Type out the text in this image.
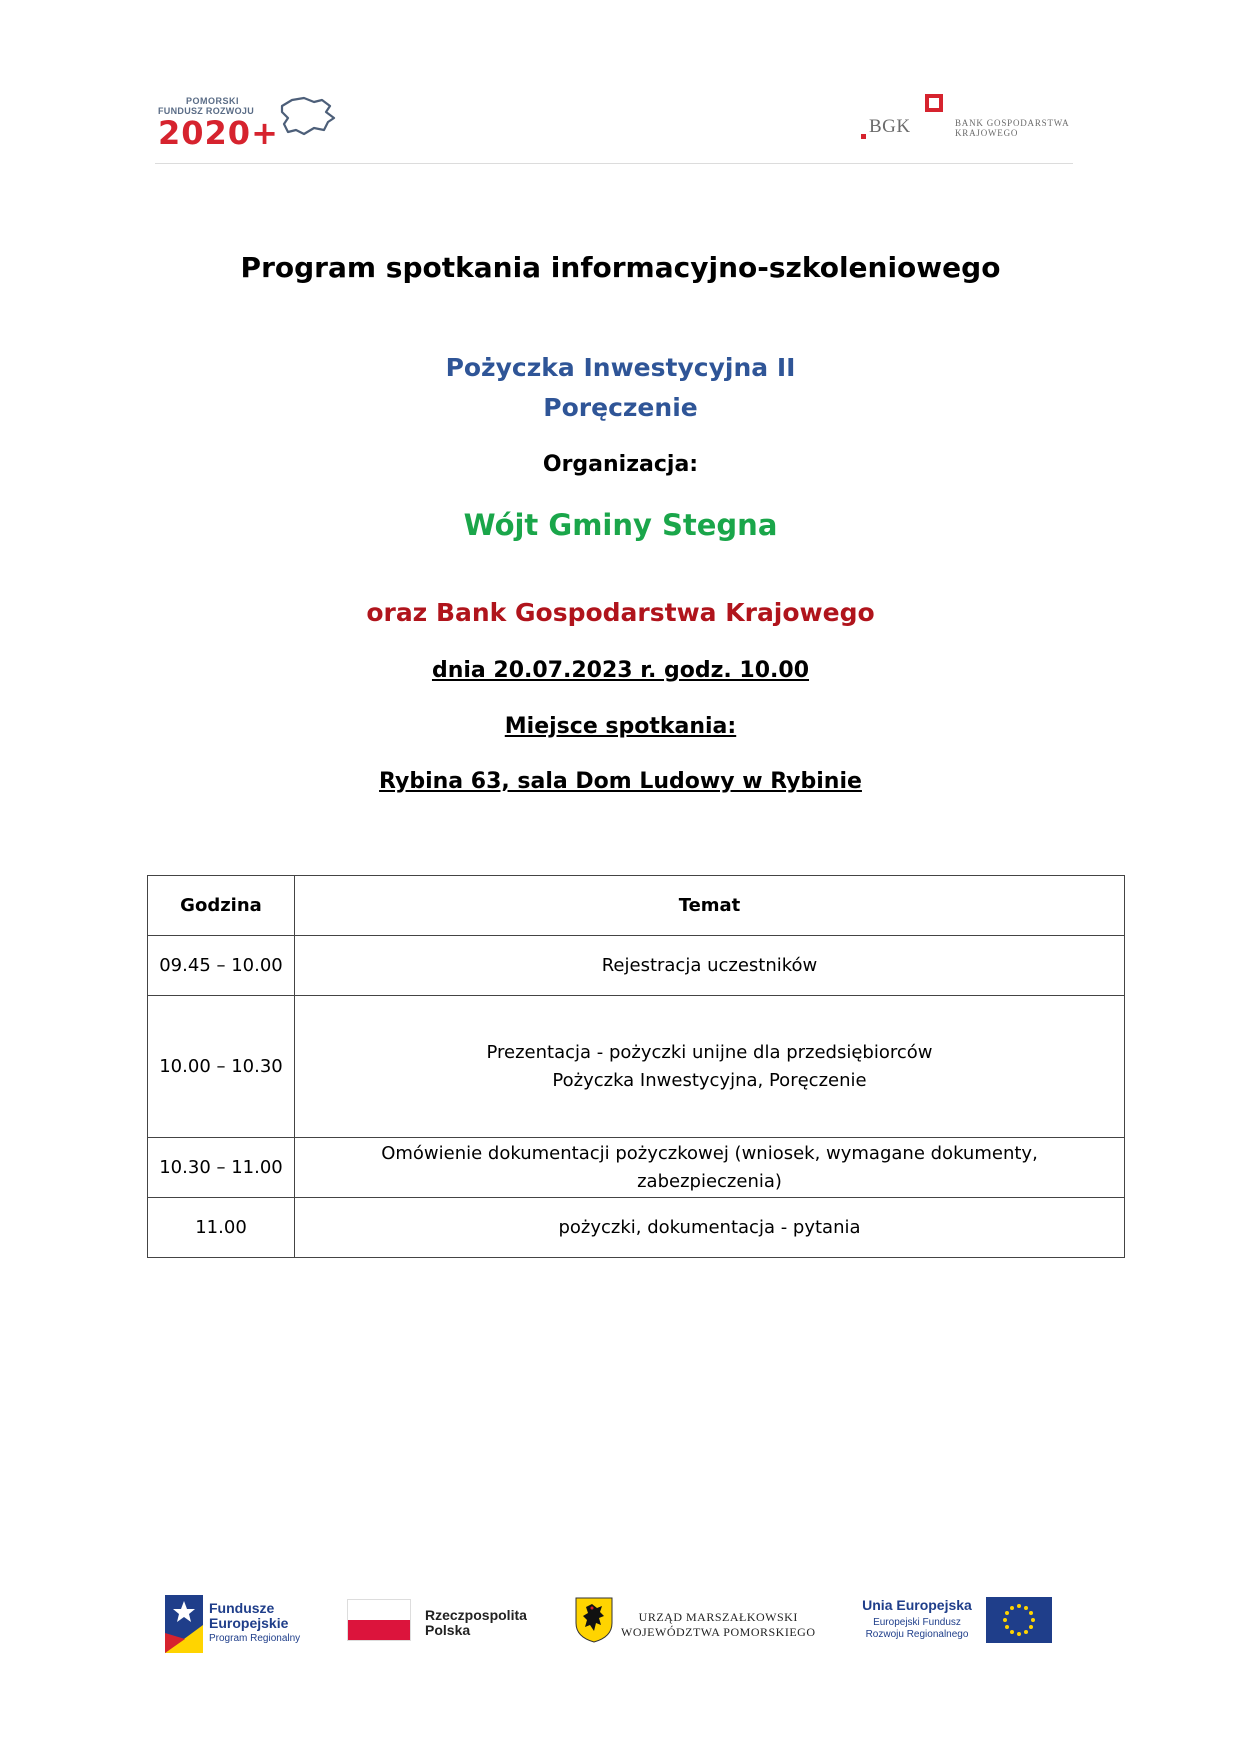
POMORSKI
FUNDUSZ ROZWOJU
2020+	BGK	BANK GOSPODARSTWA
KRAJOWEGO
Program spotkania informacyjno-szkoleniowego
Pożyczka Inwestycyjna II
Poręczenie
Organizacja:
Wójt Gminy Stegna
oraz Bank Gospodarstwa Krajowego
dnia 20.07.2023 r. godz. 10.00
Miejsce spotkania:
Rybina 63, sala Dom Ludowy w Rybinie
Godzina	Temat
09.45 – 10.00	Rejestracja uczestników

10.00 – 10.30	Prezentacja - pożyczki unijne dla przedsiębiorców
Pożyczka Inwestycyjna, Poręczenie

10.30 – 11.00	Omówienie dokumentacji pożyczkowej (wniosek, wymagane dokumenty,
zabezpieczenia)

11.00	pożyczki, dokumentacja - pytania
Fundusze
Europejskie
Program Regionalny
Rzeczpospolita
Polska
URZĄD MARSZAŁKOWSKI
WOJEWÓDZTWA POMORSKIEGO
Unia Europejska
Europejski Fundusz
Rozwoju Regionalnego
